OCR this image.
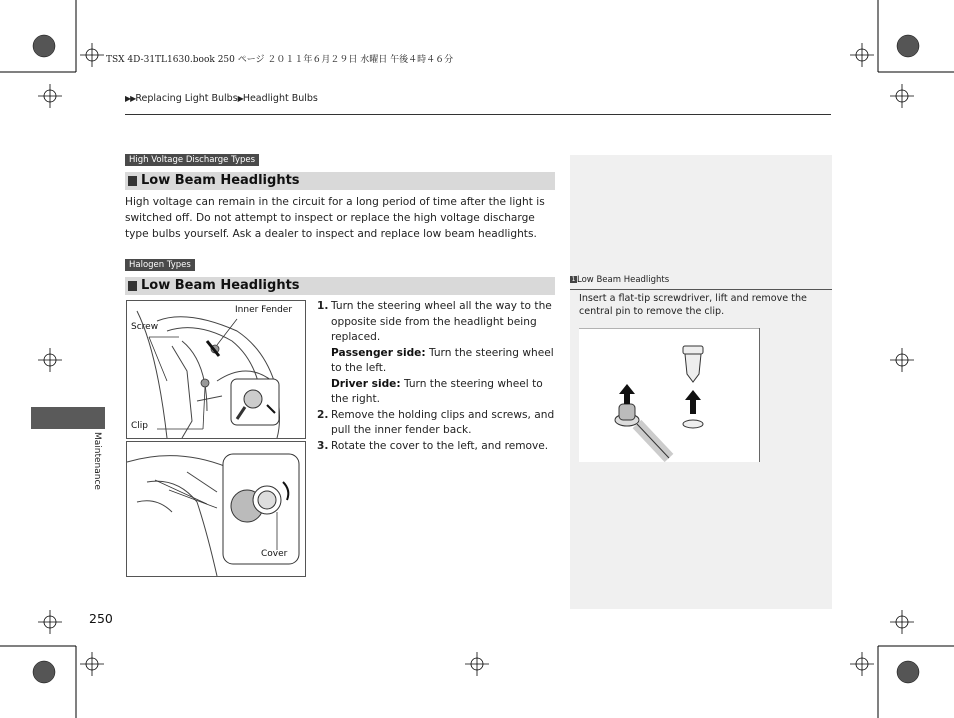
TSX 4D-31TL1630.book 250 ページ ２０１１年６月２９日 水曜日 午後４時４６分
▶▶Replacing Light Bulbs▶Headlight Bulbs
High Voltage Discharge Types
Low Beam Headlights
High voltage can remain in the circuit for a long period of time after the light is switched off. Do not attempt to inspect or replace the high voltage discharge type bulbs yourself. Ask a dealer to inspect and replace low beam headlights.
Halogen Types
Low Beam Headlights
Inner Fender
Screw
Clip
Cover
1. Turn the steering wheel all the way to the opposite side from the headlight being replaced.
Passenger side: Turn the steering wheel to the left.
Driver side: Turn the steering wheel to the right.
2. Remove the holding clips and screws, and pull the inner fender back.
3. Rotate the cover to the left, and remove.
1 Low Beam Headlights
Insert a flat-tip screwdriver, lift and remove the central pin to remove the clip.
Maintenance
250
